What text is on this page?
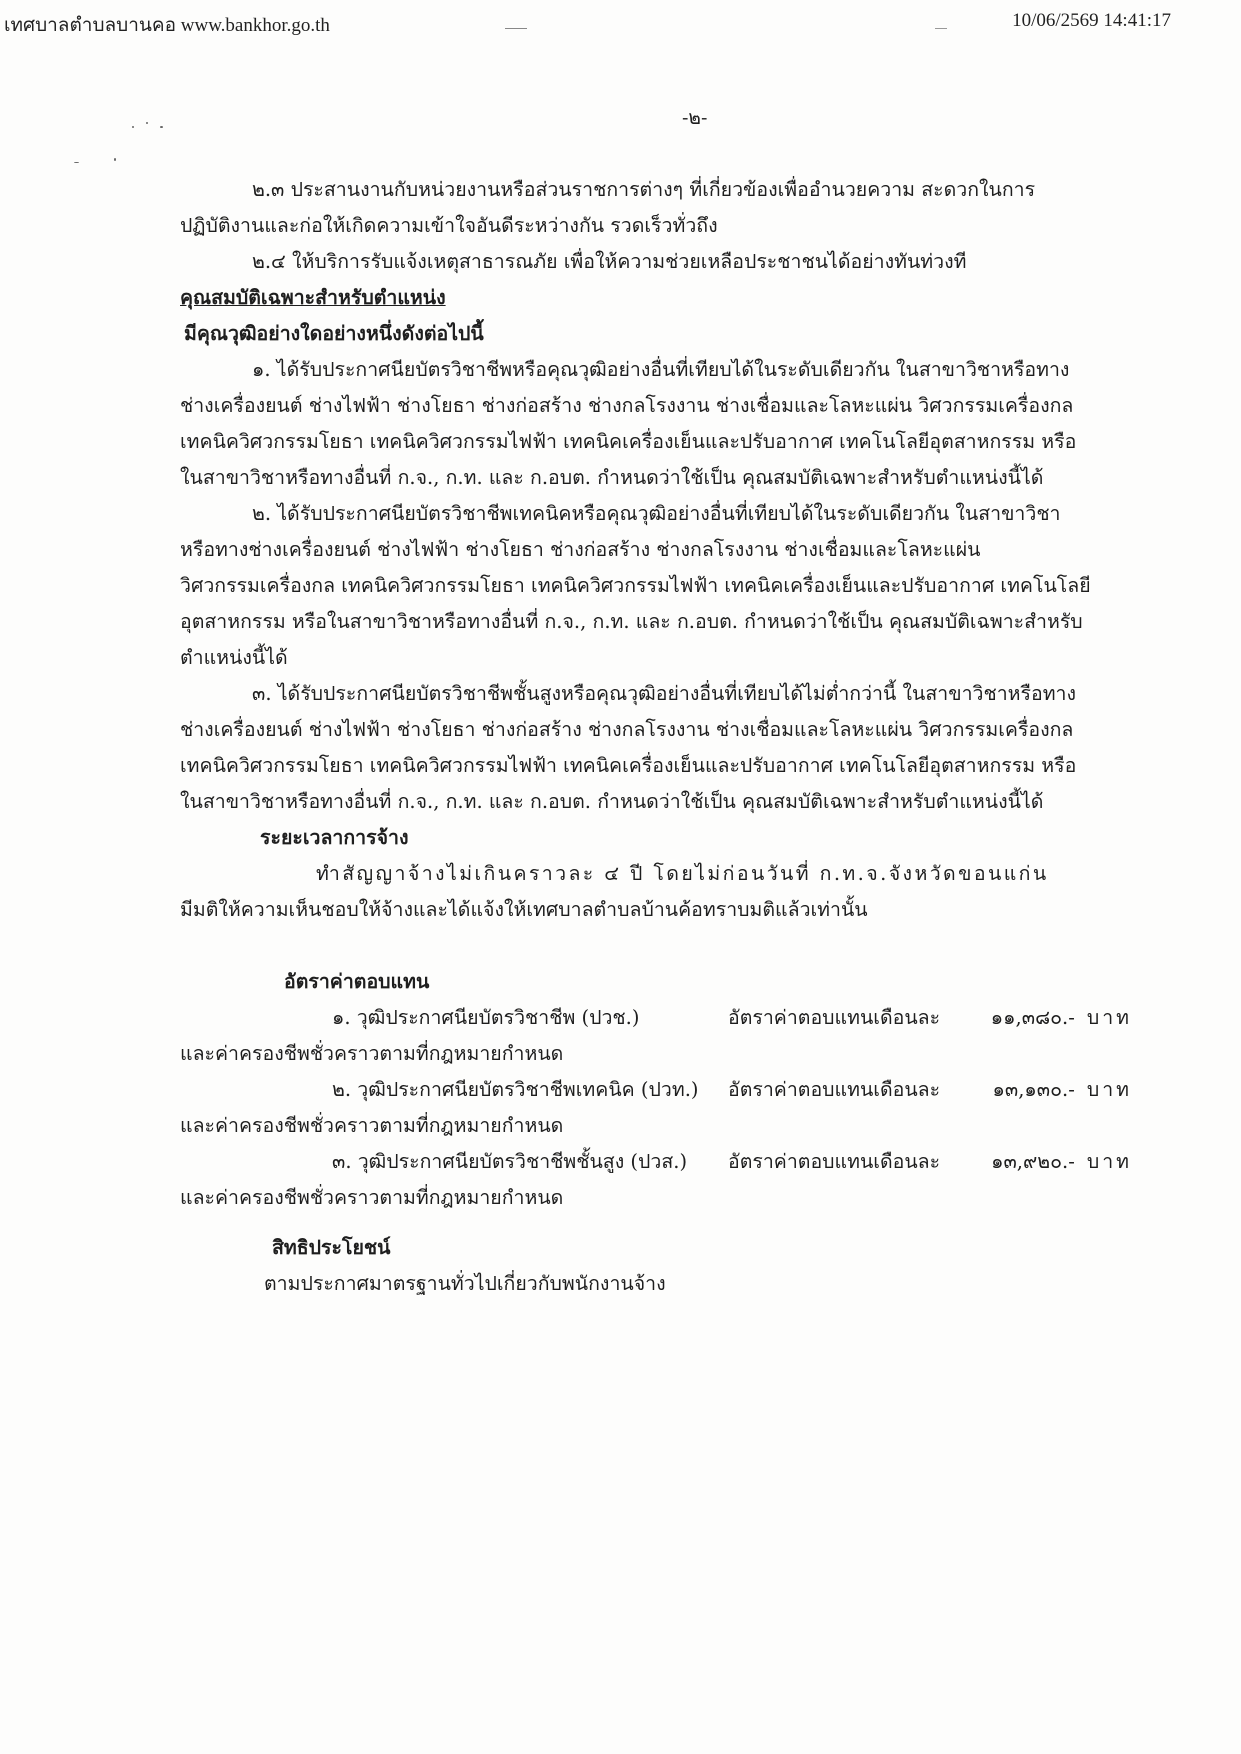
เทศบาลตำบลบานคอ www.bankhor.go.th	10/06/2569 14:41:17
-๒-

๒.๓ ประสานงานกับหน่วยงานหรือส่วนราชการต่างๆ ที่เกี่ยวข้องเพื่ออำนวยความ สะดวกในการ

ปฏิบัติงานและก่อให้เกิดความเข้าใจอันดีระหว่างกัน รวดเร็วทั่วถึง

๒.๔ ให้บริการรับแจ้งเหตุสาธารณภัย เพื่อให้ความช่วยเหลือประชาชนได้อย่างทันท่วงที

คุณสมบัติเฉพาะสำหรับตำแหน่ง

มีคุณวุฒิอย่างใดอย่างหนึ่งดังต่อไปนี้

๑. ได้รับประกาศนียบัตรวิชาชีพหรือคุณวุฒิอย่างอื่นที่เทียบได้ในระดับเดียวกัน ในสาขาวิชาหรือทาง

ช่างเครื่องยนต์ ช่างไฟฟ้า ช่างโยธา ช่างก่อสร้าง ช่างกลโรงงาน ช่างเชื่อมและโลหะแผ่น วิศวกรรมเครื่องกล

เทคนิควิศวกรรมโยธา เทคนิควิศวกรรมไฟฟ้า เทคนิคเครื่องเย็นและปรับอากาศ เทคโนโลยีอุตสาหกรรม หรือ

ในสาขาวิชาหรือทางอื่นที่ ก.จ., ก.ท. และ ก.อบต. กำหนดว่าใช้เป็น คุณสมบัติเฉพาะสำหรับตำแหน่งนี้ได้

๒. ได้รับประกาศนียบัตรวิชาชีพเทคนิคหรือคุณวุฒิอย่างอื่นที่เทียบได้ในระดับเดียวกัน ในสาขาวิชา

หรือทางช่างเครื่องยนต์ ช่างไฟฟ้า ช่างโยธา ช่างก่อสร้าง ช่างกลโรงงาน ช่างเชื่อมและโลหะแผ่น

วิศวกรรมเครื่องกล เทคนิควิศวกรรมโยธา เทคนิควิศวกรรมไฟฟ้า เทคนิคเครื่องเย็นและปรับอากาศ เทคโนโลยี

อุตสาหกรรม หรือในสาขาวิชาหรือทางอื่นที่ ก.จ., ก.ท. และ ก.อบต. กำหนดว่าใช้เป็น คุณสมบัติเฉพาะสำหรับ

ตำแหน่งนี้ได้

๓. ได้รับประกาศนียบัตรวิชาชีพชั้นสูงหรือคุณวุฒิอย่างอื่นที่เทียบได้ไม่ต่ำกว่านี้ ในสาขาวิชาหรือทาง

ช่างเครื่องยนต์ ช่างไฟฟ้า ช่างโยธา ช่างก่อสร้าง ช่างกลโรงงาน ช่างเชื่อมและโลหะแผ่น วิศวกรรมเครื่องกล

เทคนิควิศวกรรมโยธา เทคนิควิศวกรรมไฟฟ้า เทคนิคเครื่องเย็นและปรับอากาศ เทคโนโลยีอุตสาหกรรม หรือ

ในสาขาวิชาหรือทางอื่นที่ ก.จ., ก.ท. และ ก.อบต. กำหนดว่าใช้เป็น คุณสมบัติเฉพาะสำหรับตำแหน่งนี้ได้

ระยะเวลาการจ้าง

ทำสัญญาจ้างไม่เกินคราวละ ๔ ปี โดยไม่ก่อนวันที่ ก.ท.จ.จังหวัดขอนแก่น

มีมติให้ความเห็นชอบให้จ้างและได้แจ้งให้เทศบาลตำบลบ้านค้อทราบมติแล้วเท่านั้น

อัตราค่าตอบแทน

๑. วุฒิประกาศนียบัตรวิชาชีพ (ปวช.)	อัตราค่าตอบแทนเดือนละ	๑๑,๓๘๐.- บาท

และค่าครองชีพชั่วคราวตามที่กฎหมายกำหนด

๒. วุฒิประกาศนียบัตรวิชาชีพเทคนิค (ปวท.) อัตราค่าตอบแทนเดือนละ	๑๓,๑๓๐.- บาท

และค่าครองชีพชั่วคราวตามที่กฎหมายกำหนด

๓. วุฒิประกาศนียบัตรวิชาชีพชั้นสูง (ปวส.) อัตราค่าตอบแทนเดือนละ	๑๓,๙๒๐.- บาท

และค่าครองชีพชั่วคราวตามที่กฎหมายกำหนด

สิทธิประโยชน์

ตามประกาศมาตรฐานทั่วไปเกี่ยวกับพนักงานจ้าง
